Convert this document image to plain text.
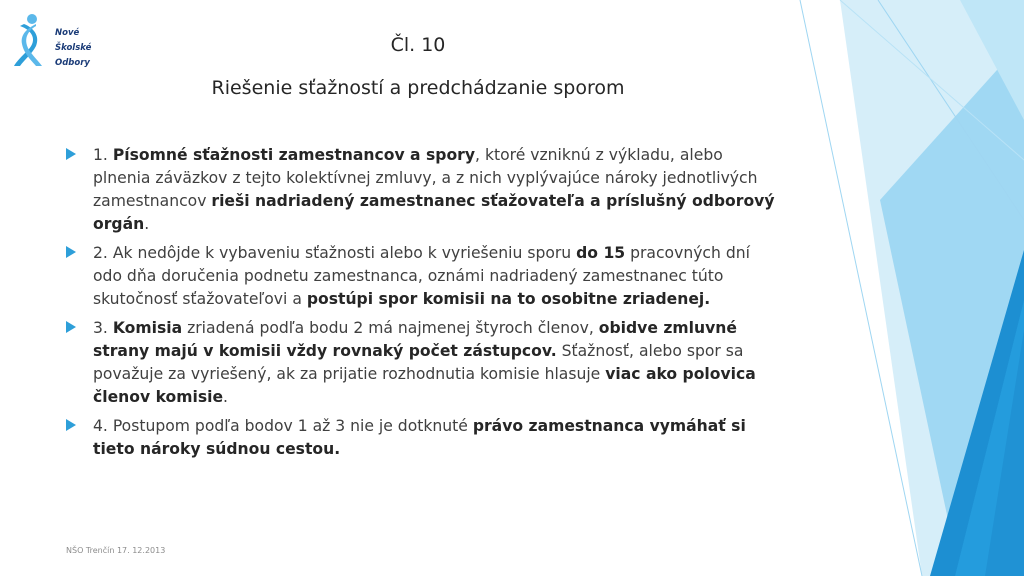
Nové
Školské
Odbory
Čl. 10
Riešenie sťažností a predchádzanie sporom
1. Písomné sťažnosti zamestnancov a spory, ktoré vzniknú z výkladu, alebo plnenia záväzkov z tejto kolektívnej zmluvy, a z nich vyplývajúce nároky jednotlivých zamestnancov rieši nadriadený zamestnanec sťažovateľa a príslušný odborový orgán.
2. Ak nedôjde k vybaveniu sťažnosti alebo k vyriešeniu sporu do 15 pracovných dní odo dňa doručenia podnetu zamestnanca, oznámi nadriadený zamestnanec túto skutočnosť sťažovateľovi a postúpi spor komisii na to osobitne zriadenej.
3. Komisia zriadená podľa bodu 2 má najmenej štyroch členov, obidve zmluvné strany majú v komisii vždy rovnaký počet zástupcov. Sťažnosť, alebo spor sa považuje za vyriešený, ak za prijatie rozhodnutia komisie hlasuje viac ako polovica členov komisie.
4. Postupom podľa bodov 1 až 3 nie je dotknuté právo zamestnanca vymáhať si tieto nároky súdnou cestou.
NŠO Trenčín 17. 12.2013
